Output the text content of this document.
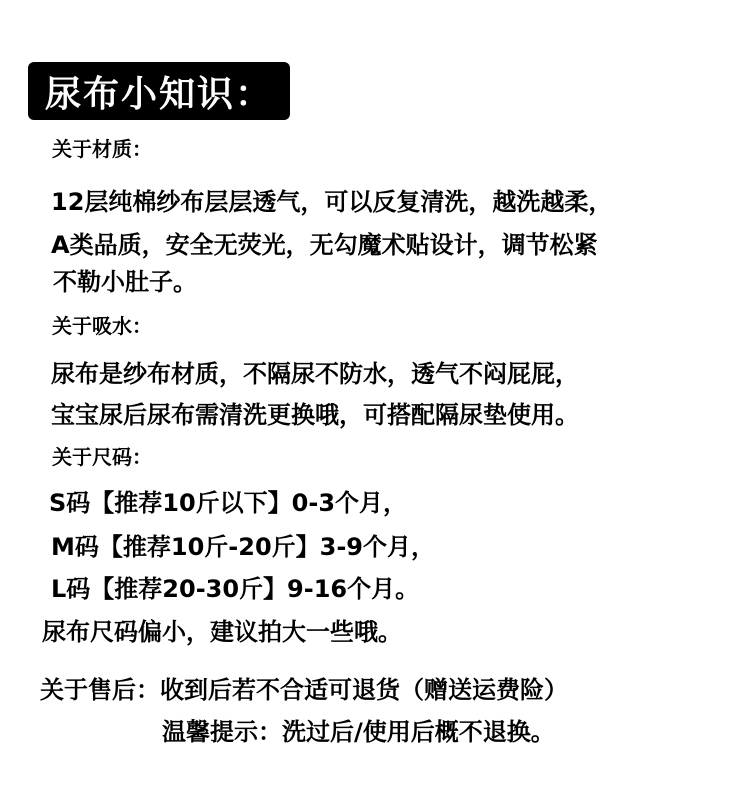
尿布小知识：
关于材质：
12层纯棉纱布层层透气，可以反复清洗，越洗越柔，
A类品质，安全无荧光，无勾魔术贴设计，调节松紧
不勒小肚子。
关于吸水：
尿布是纱布材质，不隔尿不防水，透气不闷屁屁，
宝宝尿后尿布需清洗更换哦，可搭配隔尿垫使用。
关于尺码：
S码【推荐10斤以下】0-3个月，
M码【推荐10斤-20斤】3-9个月，
L码【推荐20-30斤】9-16个月。
尿布尺码偏小，建议拍大一些哦。
关于售后：收到后若不合适可退货（赠送运费险）
温馨提示：洗过后/使用后概不退换。
